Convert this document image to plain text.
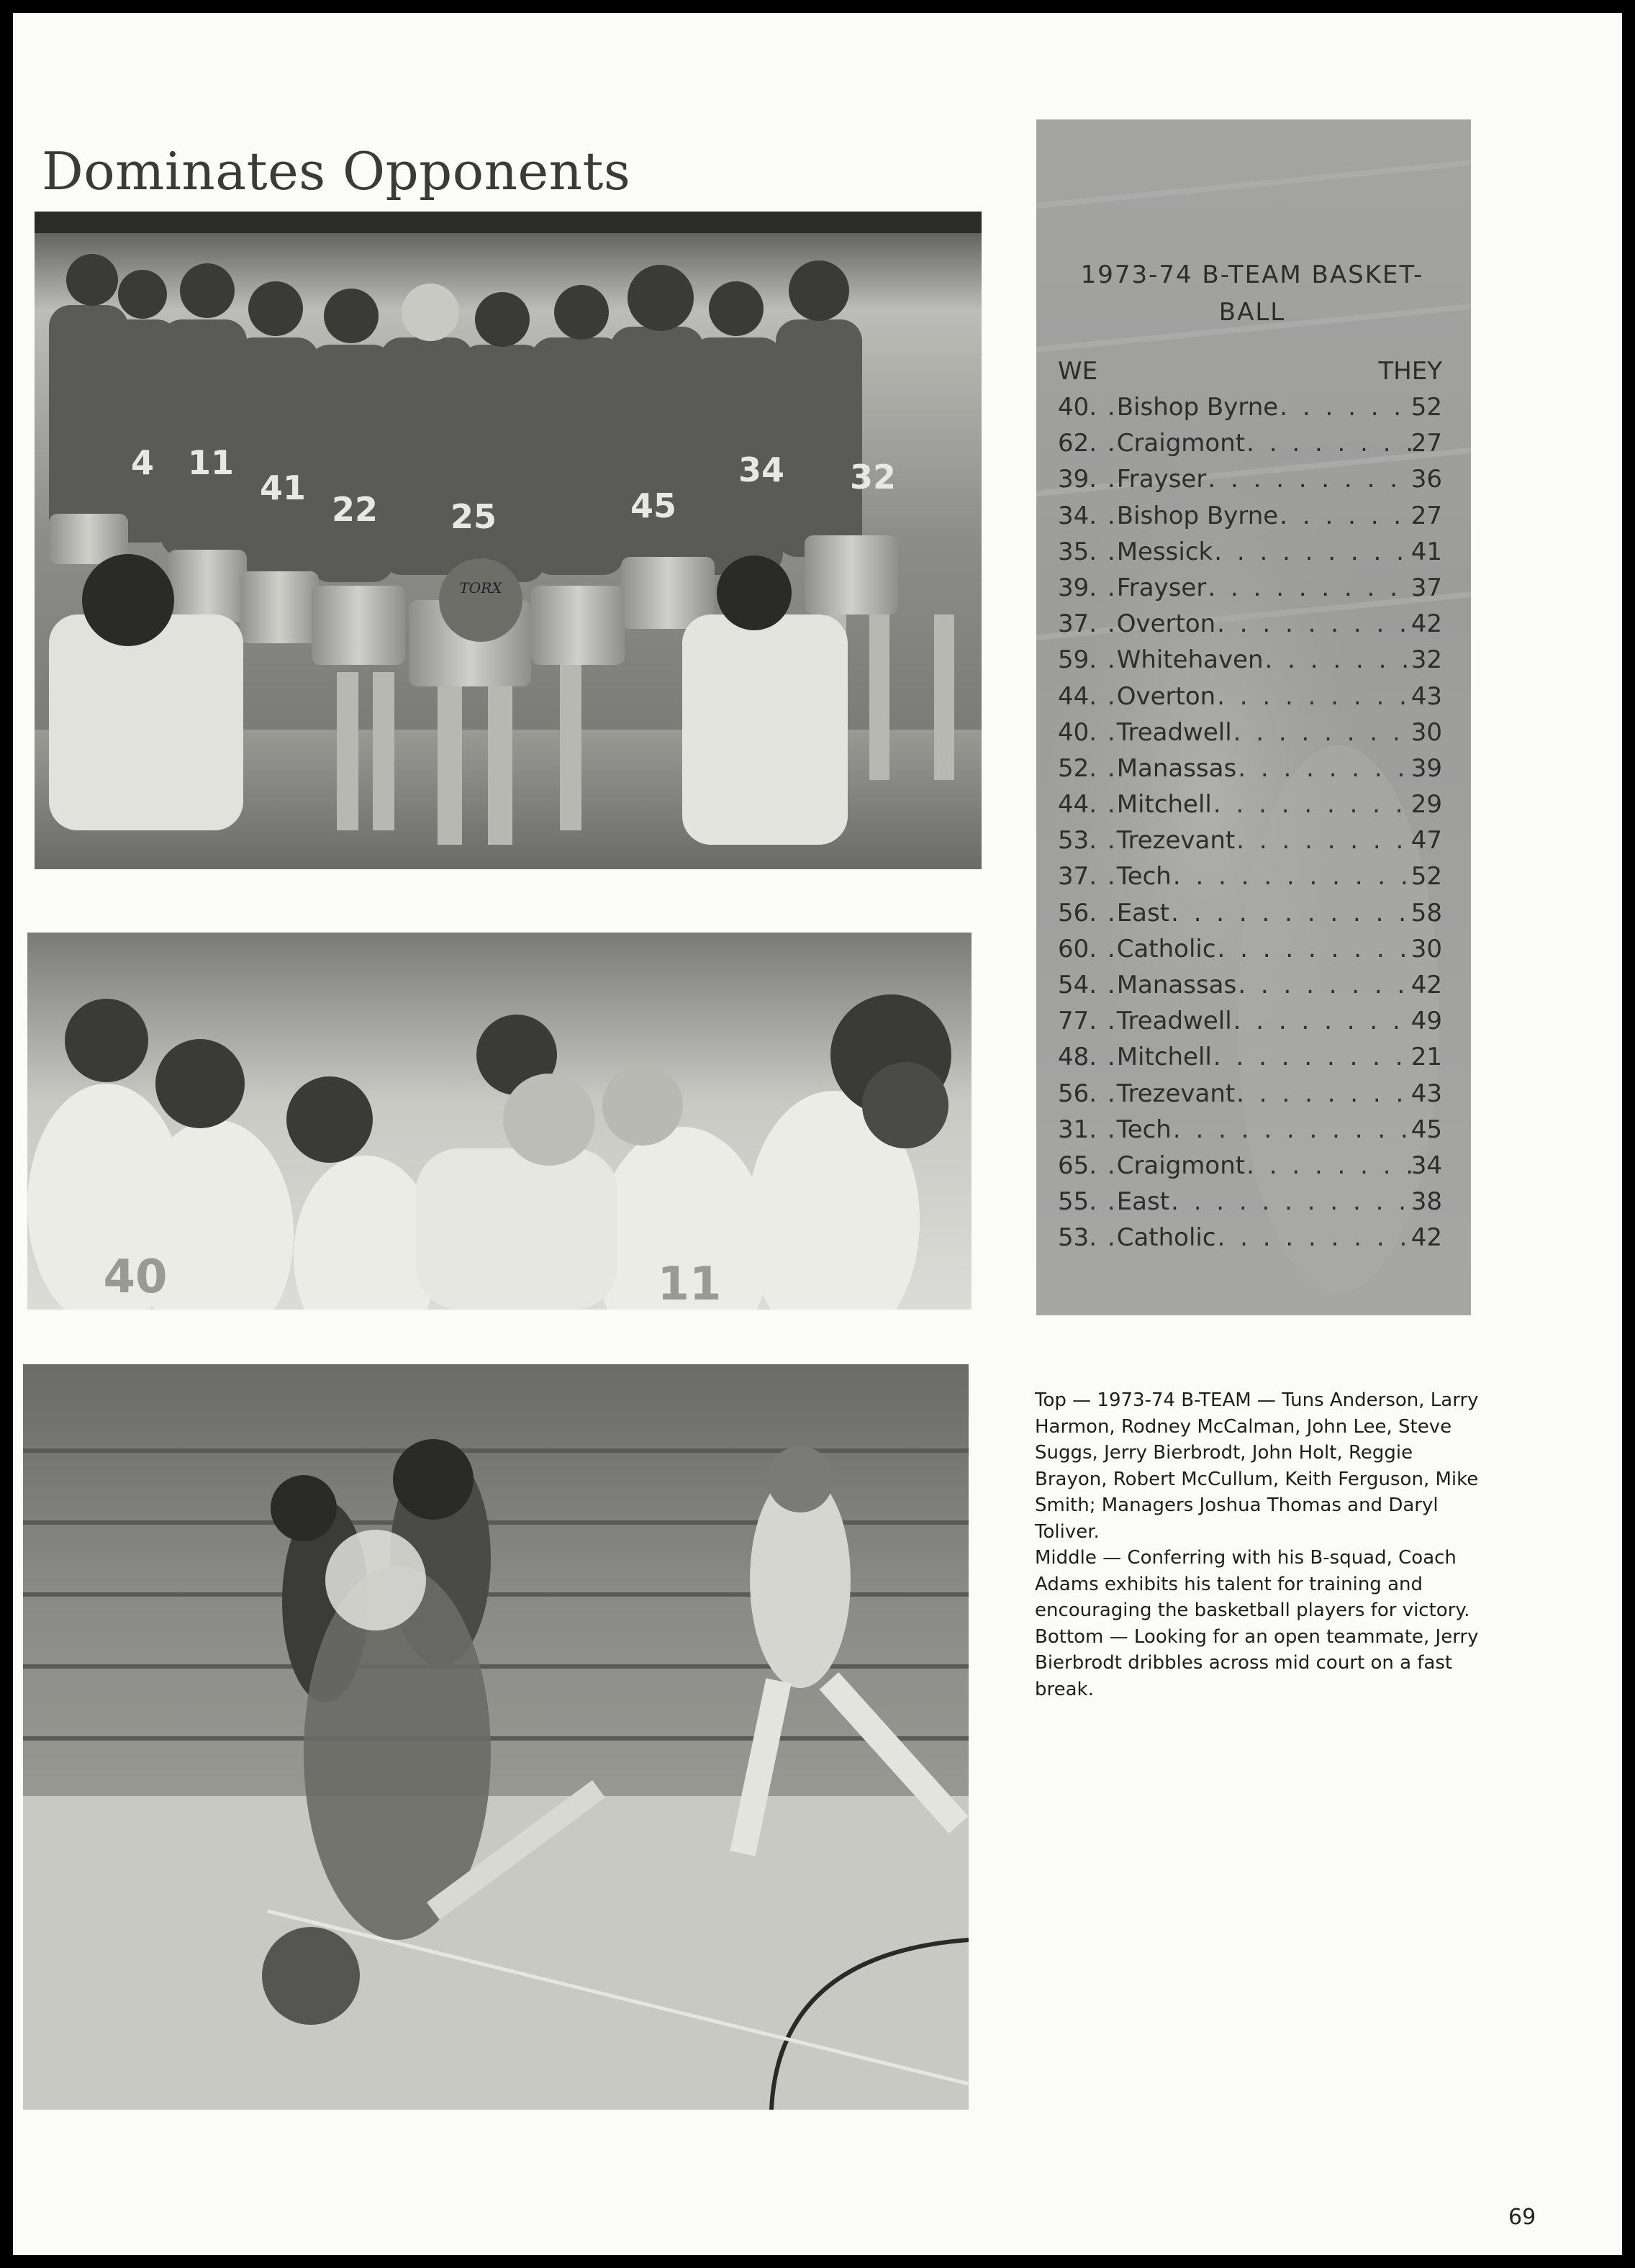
Dominates Opponents
4 11
41
22 25	45
34 32
TORX
40	11
1973-74 B-TEAM BASKET- BALL
WE	THEY
40 . . Bishop Byrne . . .	52
62 . . Craigmont . . .	27
39 . . Frayser . . .	36
34 . . Bishop Byrne . . .	27
35 . . Messick . . .	41
39 . . Frayser . . .	37
37 . . Overton . . .	42
59 . . Whitehaven . . .	32
44 . . Overton . . .	43
40 . . Treadwell . . .	30
52 . . Manassas . . .	39
44 . . Mitchell . . .	29
53 . . Trezevant . . .	47
37 . . Tech . . .	52
56 . . East . . .	58
60 . . Catholic . . .	30
54 . . Manassas . . .	42
77 . . Treadwell . . .	49
48 . . Mitchell . . .	21
56 . . Trezevant . . .	43
31 . . Tech . . .	45
65 . . Craigmont . . .	34
55 . . East . . .	38
53 . . Catholic . . .	42

Top — 1973-74 B-TEAM — Tuns Anderson, Larry Harmon, Rodney McCalman, John Lee, Steve Suggs, Jerry Bierbrodt, John Holt, Reggie Brayon, Robert McCullum, Keith Ferguson, Mike Smith; Managers Joshua Thomas and Daryl Toliver.

Middle — Conferring with his B-squad, Coach Adams exhibits his talent for training and encouraging the basketball players for victory.

Bottom — Looking for an open teammate, Jerry Bierbrodt dribbles across mid court on a fast break.

69
